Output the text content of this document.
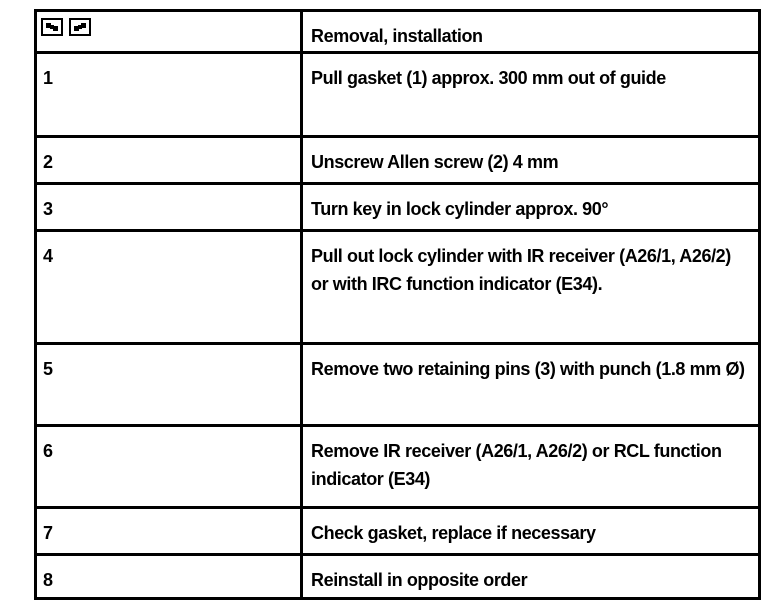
	Removal, installation

1	Pull gasket (1) approx. 300 mm out of guide

2	Unscrew Allen screw (2) 4 mm

3	Turn key in lock cylinder approx. 90°

4	Pull out lock cylinder with IR receiver (A26/1, A26/2) or with IRC function indicator (E34).

5	Remove two retaining pins (3) with punch (1.8 mm Ø)

6	Remove IR receiver (A26/1, A26/2) or RCL function indicator (E34)

7	Check gasket, replace if necessary

8	Reinstall in opposite order
